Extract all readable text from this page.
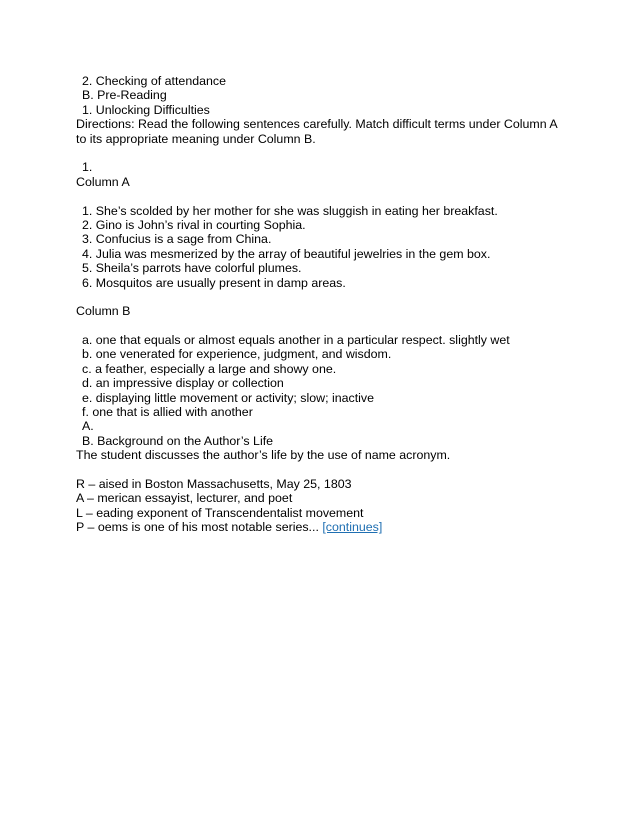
2. Checking of attendance
B. Pre-Reading
1. Unlocking Difficulties
Directions: Read the following sentences carefully. Match difficult terms under Column A to its appropriate meaning under Column B.
1.
Column A
1. She’s scolded by her mother for she was sluggish in eating her breakfast.
2. Gino is John’s rival in courting Sophia.
3. Confucius is a sage from China.
4. Julia was mesmerized by the array of beautiful jewelries in the gem box.
5. Sheila’s parrots have colorful plumes.
6. Mosquitos are usually present in damp areas.
Column B
a. one that equals or almost equals another in a particular respect. slightly wet
b. one venerated for experience, judgment, and wisdom.
c. a feather, especially a large and showy one.
d. an impressive display or collection
e. displaying little movement or activity; slow; inactive
f. one that is allied with another
A.
B. Background on the Author’s Life
The student discusses the author’s life by the use of name acronym.
R – aised in Boston Massachusetts, May 25, 1803
A – merican essayist, lecturer, and poet
L – eading exponent of Transcendentalist movement
P – oems is one of his most notable series... [continues]
